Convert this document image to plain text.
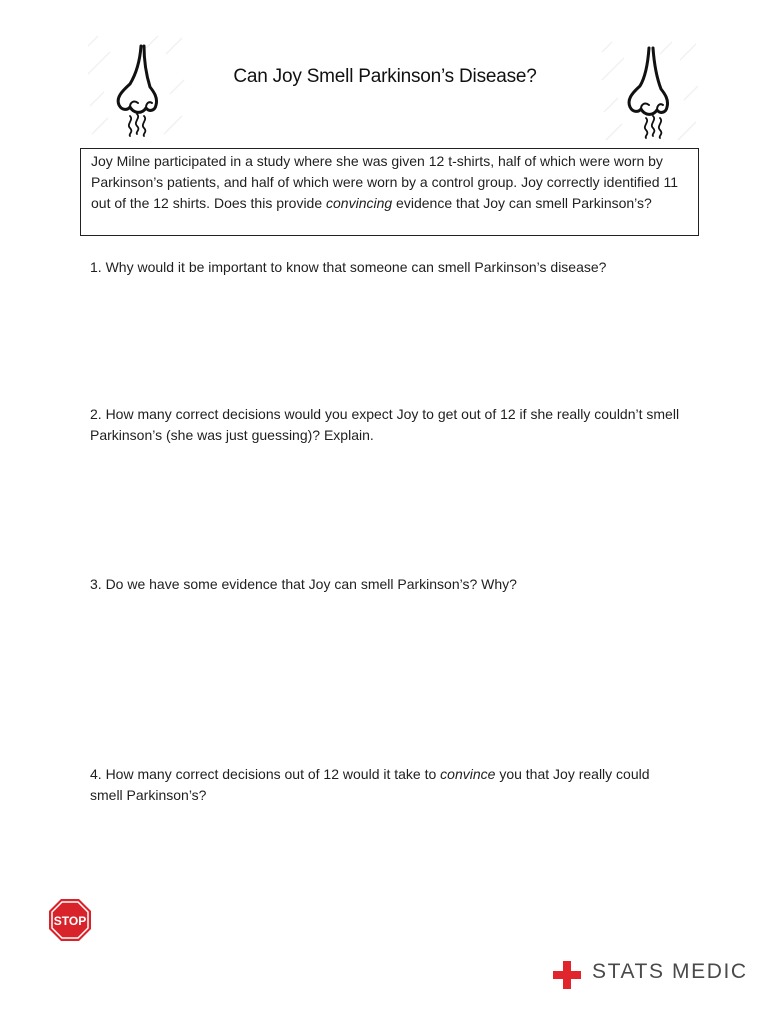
Can Joy Smell Parkinson’s Disease?
Joy Milne participated in a study where she was given 12 t-shirts, half of which were worn by Parkinson’s patients, and half of which were worn by a control group. Joy correctly identified 11 out of the 12 shirts. Does this provide convincing evidence that Joy can smell Parkinson’s?
1. Why would it be important to know that someone can smell Parkinson’s disease?
2. How many correct decisions would you expect Joy to get out of 12 if she really couldn’t smell Parkinson’s (she was just guessing)? Explain.
3. Do we have some evidence that Joy can smell Parkinson’s? Why?
4. How many correct decisions out of 12 would it take to convince you that Joy really could smell Parkinson’s?
STOP
STATS MEDIC
